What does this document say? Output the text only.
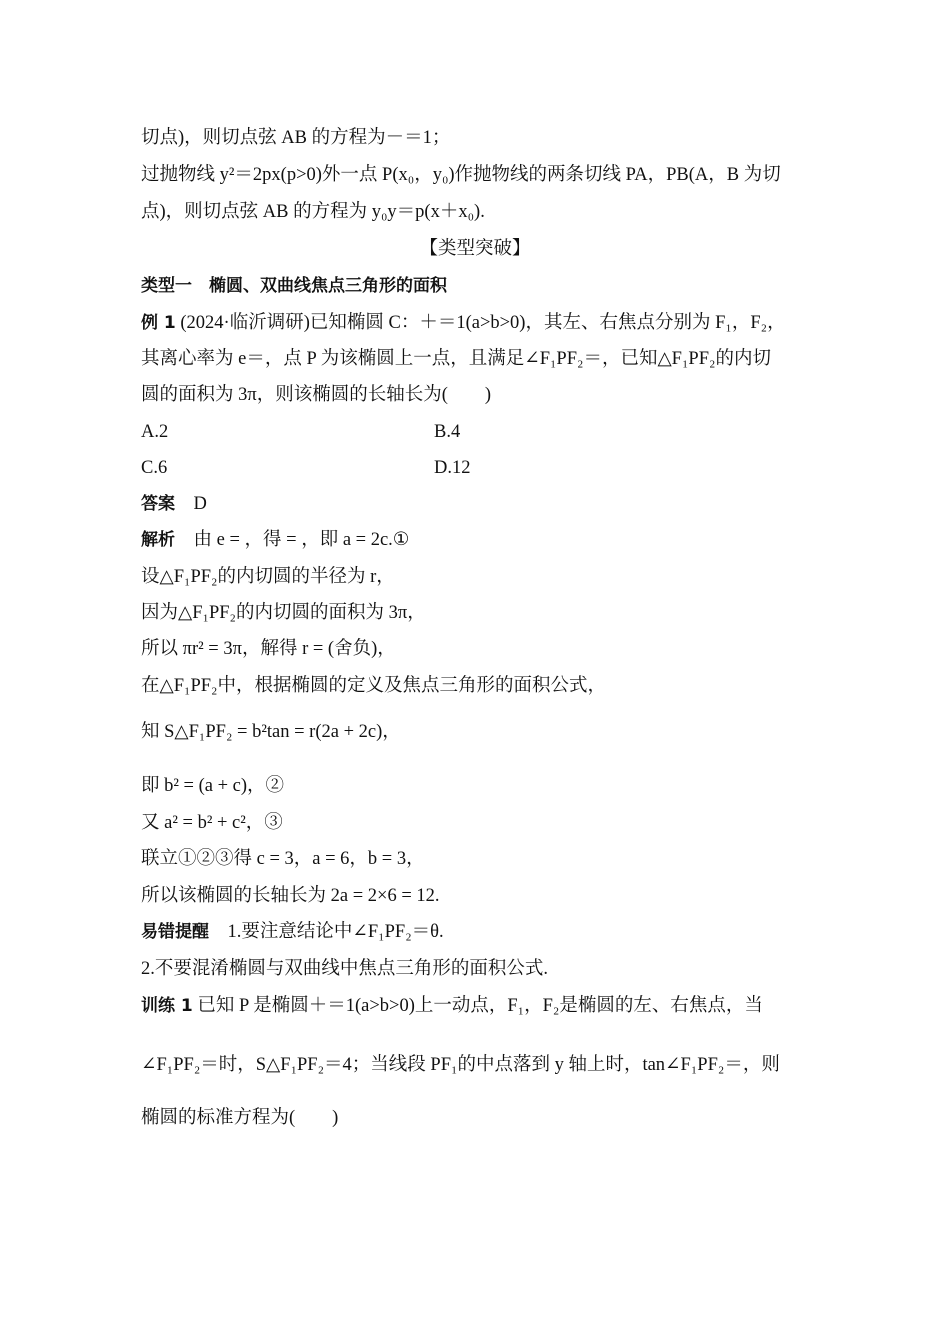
切点)，则切点弦 AB 的方程为－＝1；
过抛物线 y²＝2px(p>0)外一点 P(x₀，y₀)作抛物线的两条切线 PA，PB(A，B 为切
点)，则切点弦 AB 的方程为 y₀y＝p(x＋x₀).
【类型突破】
类型一　椭圆、双曲线焦点三角形的面积
例 1 (2024·临沂调研)已知椭圆 C：＋＝1(a>b>0)，其左、右焦点分别为 F₁，F₂，
其离心率为 e＝，点 P 为该椭圆上一点，且满足∠F₁PF₂＝，已知△F₁PF₂的内切
圆的面积为 3π，则该椭圆的长轴长为(　　)
A.2	B.4
C.6	D.12
答案　D
解析　由 e = ，得 = ，即 a = 2c.①
设△F₁PF₂的内切圆的半径为 r，
因为△F₁PF₂的内切圆的面积为 3π，
所以 πr² = 3π，解得 r = (舍负)，
在△F₁PF₂中，根据椭圆的定义及焦点三角形的面积公式，
知 S△F₁PF₂ = b²tan = r(2a + 2c)，
即 b² = (a + c)，②
又 a² = b² + c²，③
联立①②③得 c = 3，a = 6，b = 3，
所以该椭圆的长轴长为 2a = 2×6 = 12.
易错提醒　1.要注意结论中∠F₁PF₂＝θ.
2.不要混淆椭圆与双曲线中焦点三角形的面积公式.
训练 1 已知 P 是椭圆＋＝1(a>b>0)上一动点，F₁，F₂是椭圆的左、右焦点，当
∠F₁PF₂＝时，S△F₁PF₂＝4；当线段 PF₁的中点落到 y 轴上时，tan∠F₁PF₂＝，则
椭圆的标准方程为(　　)
